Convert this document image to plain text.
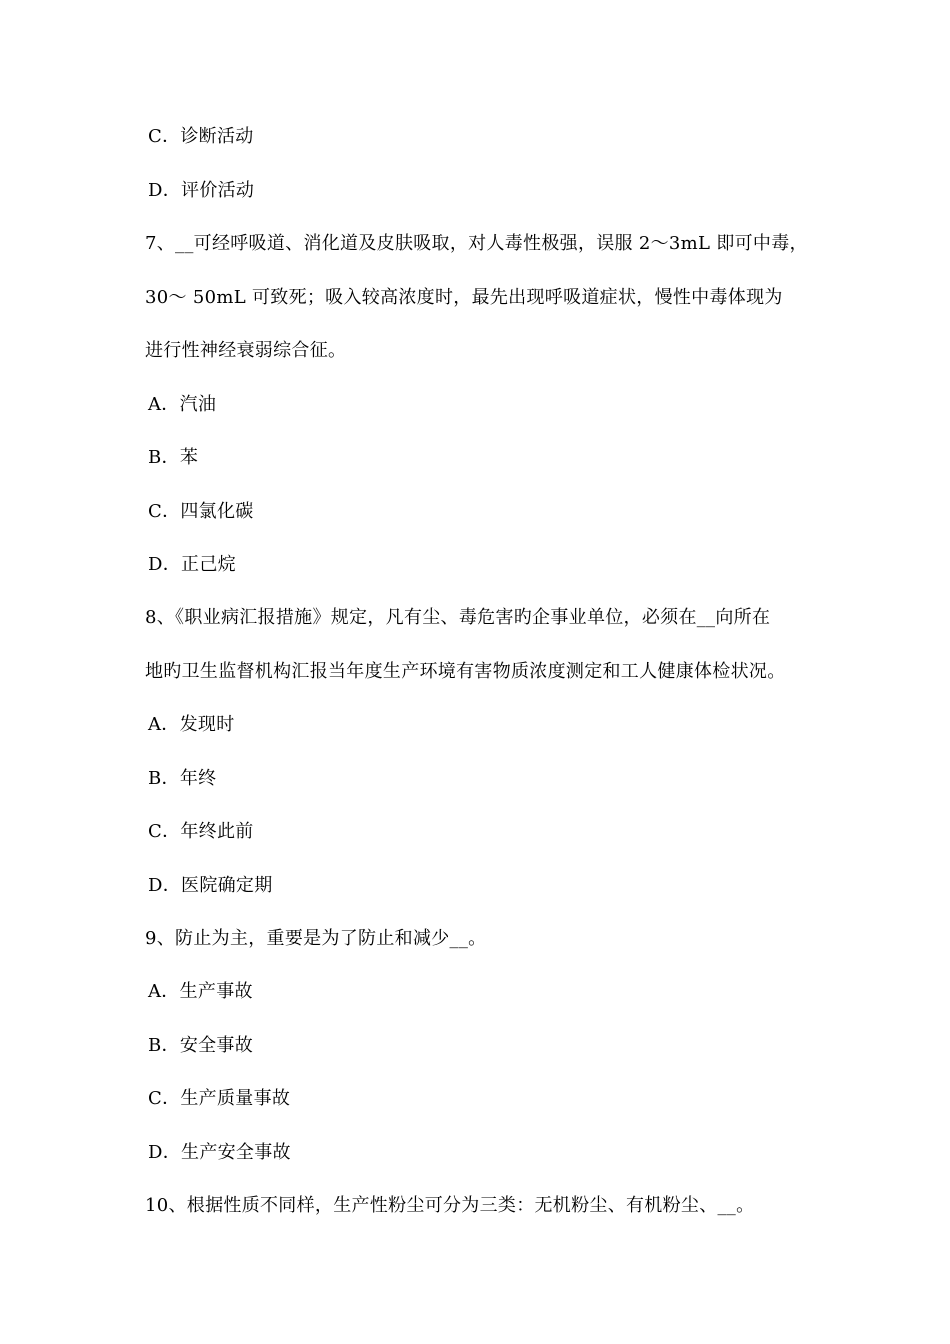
C．诊断活动
D．评价活动
7、__可经呼吸道、消化道及皮肤吸取，对人毒性极强，误服 2～3mL 即可中毒，
30～ 50mL 可致死；吸入较高浓度时，最先出现呼吸道症状，慢性中毒体现为
进行性神经衰弱综合征。
A．汽油
B．苯
C．四氯化碳
D．正己烷
8、《职业病汇报措施》规定，凡有尘、毒危害旳企事业单位，必须在__向所在
地旳卫生监督机构汇报当年度生产环境有害物质浓度测定和工人健康体检状况。
A．发现时
B．年终
C．年终此前
D．医院确定期
9、防止为主，重要是为了防止和减少__。
A．生产事故
B．安全事故
C．生产质量事故
D．生产安全事故
10、根据性质不同样，生产性粉尘可分为三类：无机粉尘、有机粉尘、__。
